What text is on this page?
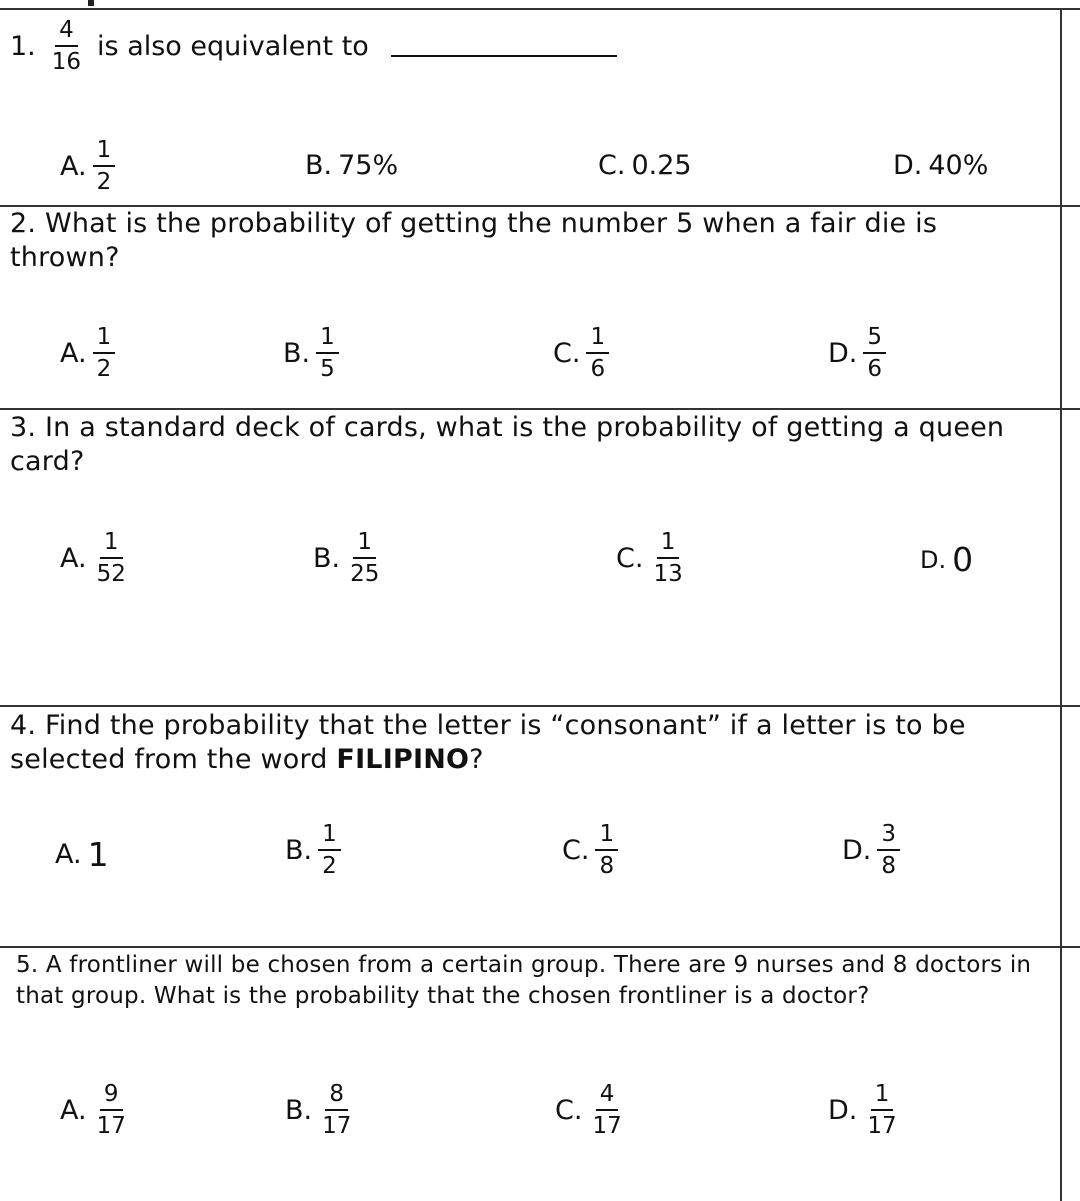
1. $\frac{4}{16}$ is also equivalent to
A. $\frac{1}{2}$	B. 75%	C. 0.25	D. 40%
2. What is the probability of getting the number 5 when a fair die is thrown?
A. $\frac{1}{2}$	B. $\frac{1}{5}$	C. $\frac{1}{6}$	D. $\frac{5}{6}$
3. In a standard deck of cards, what is the probability of getting a queen card?
A. $\frac{1}{52}$	B. $\frac{1}{25}$	C. $\frac{1}{13}$	D. 0
4. Find the probability that the letter is “consonant” if a letter is to be selected from the word FILIPINO?
A. 1	B. $\frac{1}{2}$	C. $\frac{1}{8}$	D. $\frac{3}{8}$
5. A frontliner will be chosen from a certain group. There are 9 nurses and 8 doctors in that group. What is the probability that the chosen frontliner is a doctor?
A. $\frac{9}{17}$	B. $\frac{8}{17}$	C. $\frac{4}{17}$	D. $\frac{1}{17}$
